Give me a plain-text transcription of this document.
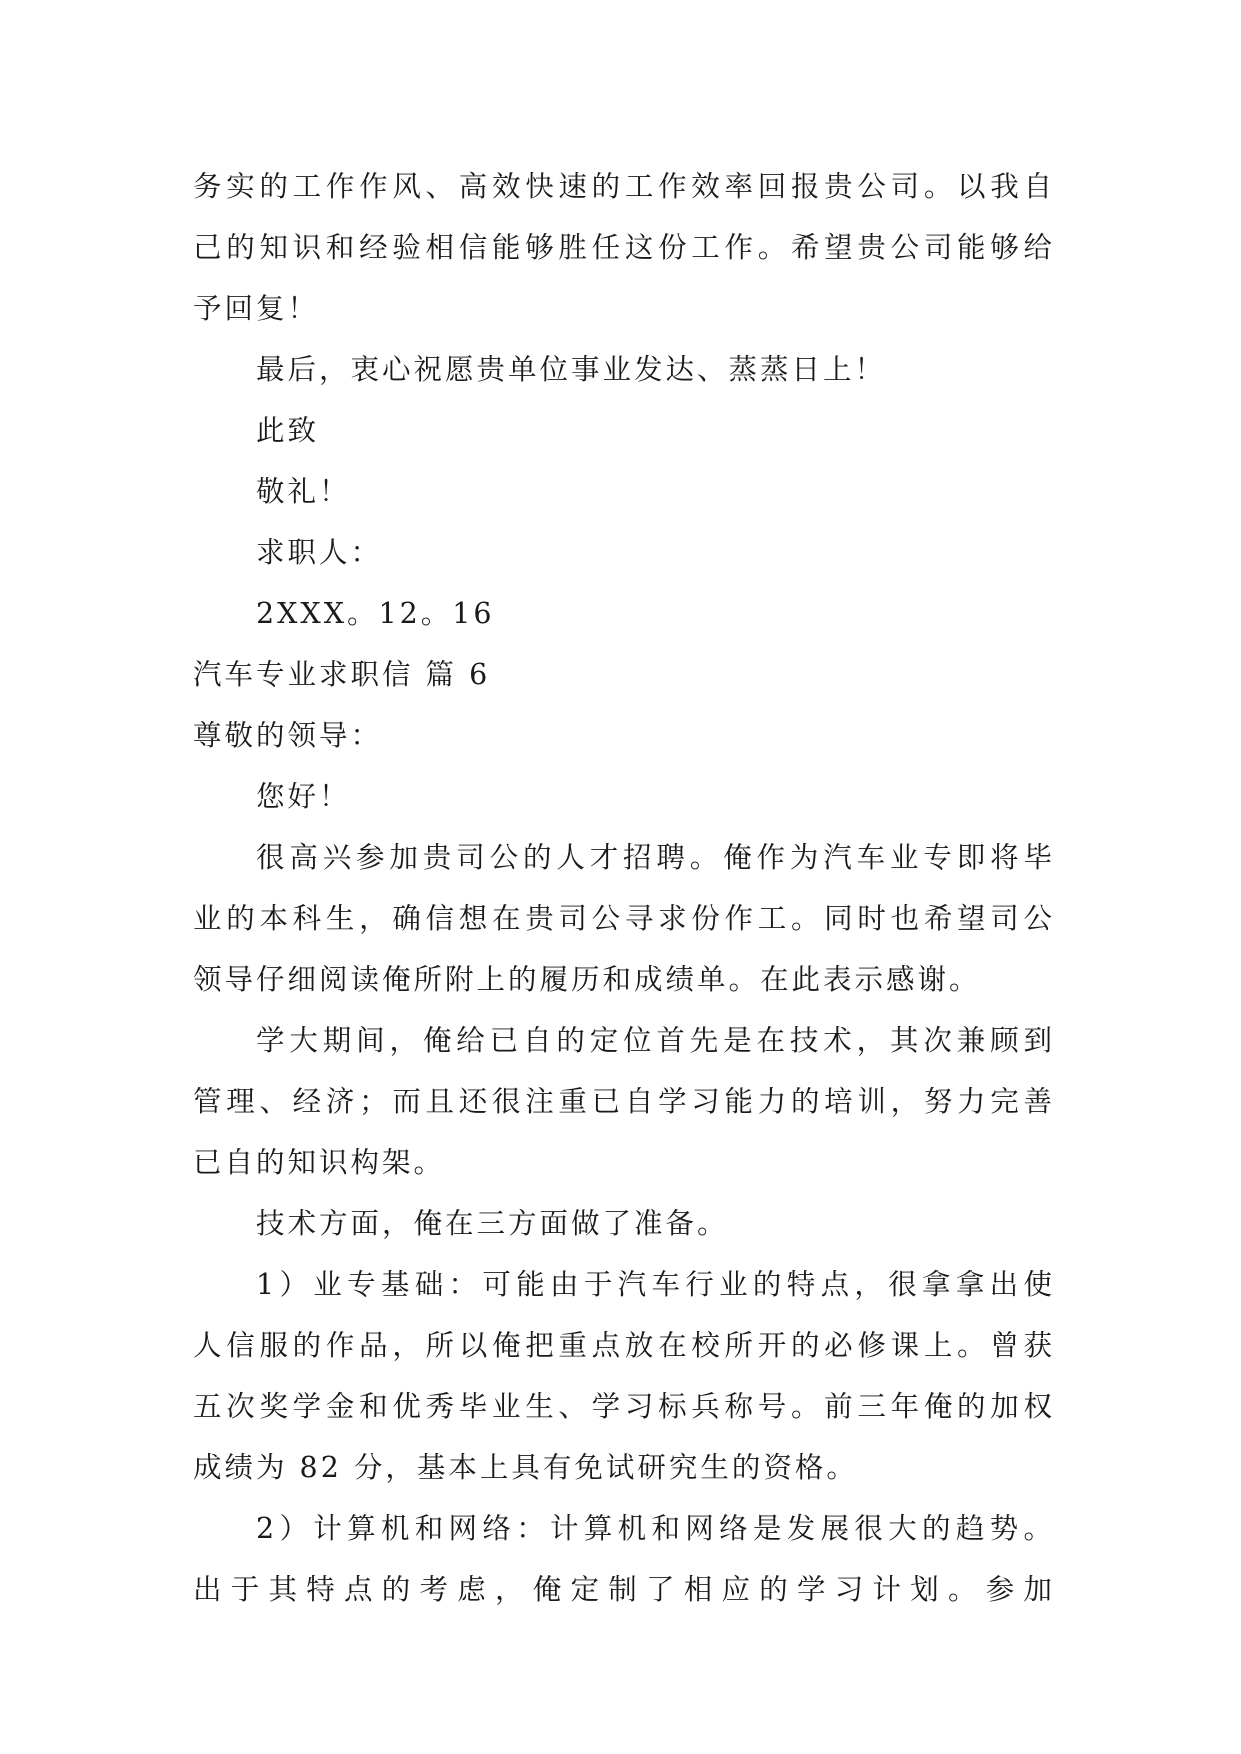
务实的工作作风、高效快速的工作效率回报贵公司。以我自
己的知识和经验相信能够胜任这份工作。希望贵公司能够给
予回复！
最后，衷心祝愿贵单位事业发达、蒸蒸日上！
此致
敬礼！
求职人：
2XXX。12。16
汽车专业求职信 篇 6
尊敬的领导：
您好！
很高兴参加贵司公的人才招聘。俺作为汽车业专即将毕
业的本科生，确信想在贵司公寻求份作工。同时也希望司公
领导仔细阅读俺所附上的履历和成绩单。在此表示感谢。
学大期间，俺给已自的定位首先是在技术，其次兼顾到
管理、经济；而且还很注重已自学习能力的培训，努力完善
已自的知识构架。
技术方面，俺在三方面做了准备。
1）业专基础：可能由于汽车行业的特点，很拿拿出使
人信服的作品，所以俺把重点放在校所开的必修课上。曾获
五次奖学金和优秀毕业生、学习标兵称号。前三年俺的加权
成绩为 82 分，基本上具有免试研究生的资格。
2）计算机和网络：计算机和网络是发展很大的趋势。
出于其特点的考虑，俺定制了相应的学习计划。参加
